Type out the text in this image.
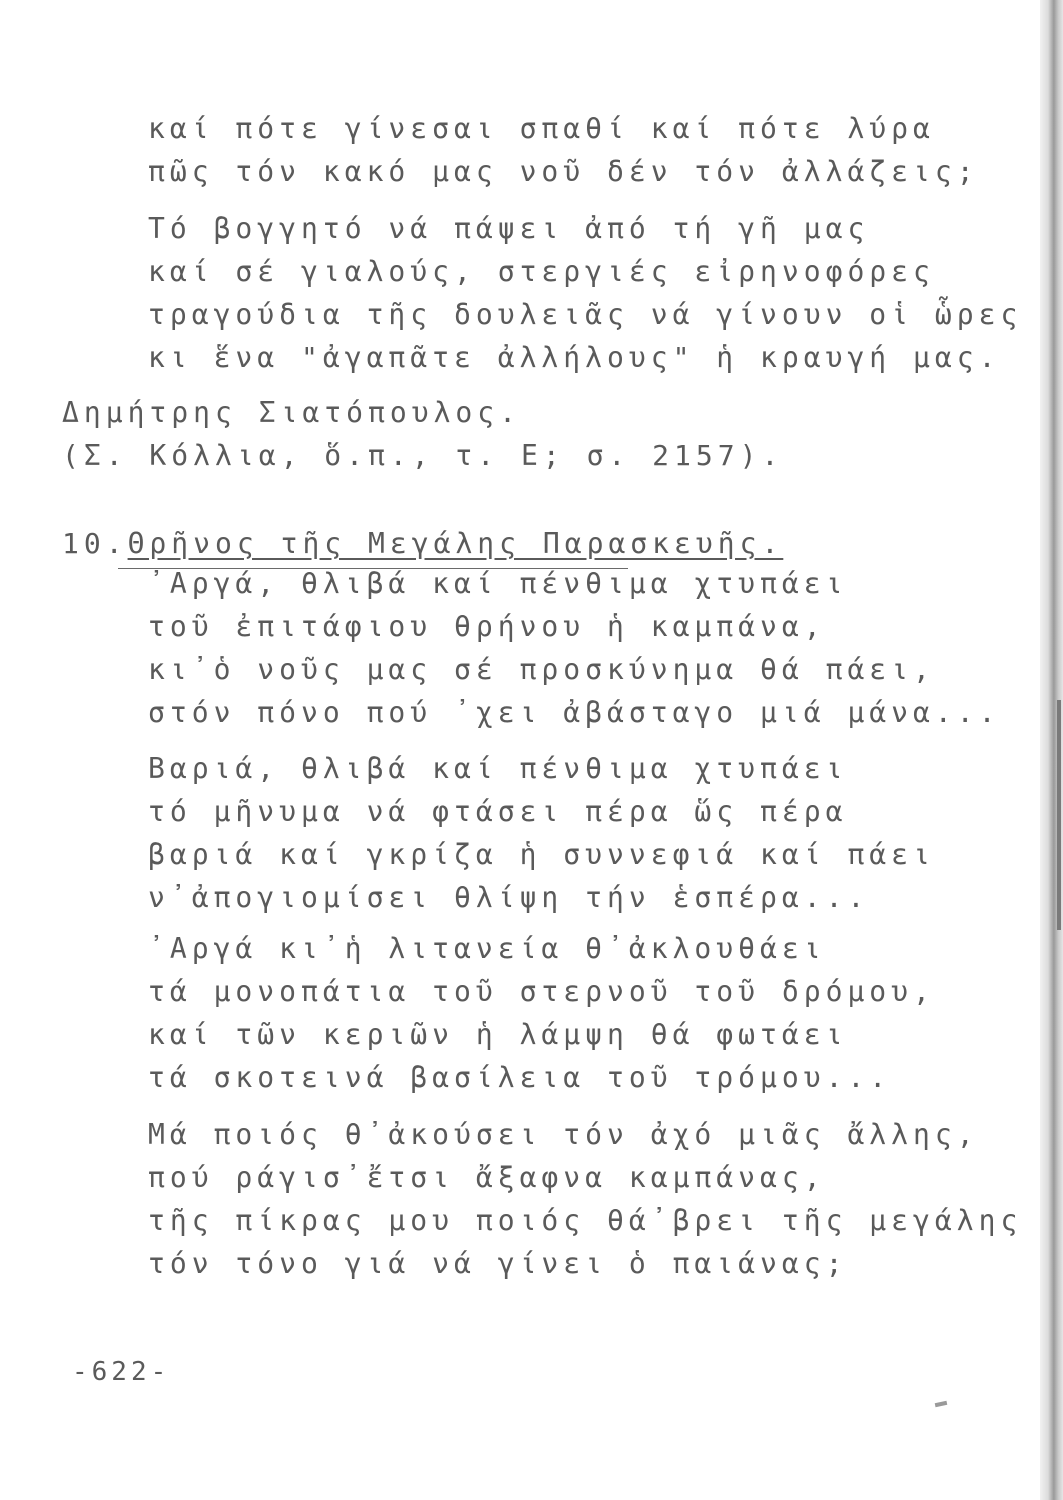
καί πότε γίνεσαι σπαθί καί πότε λύρα
πῶς τόν κακό μας νοῦ δέν τόν ἀλλάζεις;
Τό βογγητό νά πάψει ἀπό τή γῆ μας
καί σέ γιαλούς, στεργιές εἰρηνοφόρες
τραγούδια τῆς δουλειᾶς νά γίνουν οἱ ὧρες
κι ἕνα "ἀγαπᾶτε ἀλλήλους" ἡ κραυγή μας.
Δημήτρης Σιατόπουλος.
(Σ. Κόλλια, ὅ.π., τ. Ε; σ. 2157).
10.Θρῆνος τῆς Μεγάλης Παρασκευῆς.
᾽Αργά, θλιβά καί πένθιμα χτυπάει
τοῦ ἐπιτάφιου θρήνου ἡ καμπάνα,
κι᾽ὁ νοῦς μας σέ προσκύνημα θά πάει,
στόν πόνο πού ᾽χει ἀβάσταγο μιά μάνα...
Βαριά, θλιβά καί πένθιμα χτυπάει
τό μῆνυμα νά φτάσει πέρα ὥς πέρα
βαριά καί γκρίζα ἡ συννεφιά καί πάει
ν᾽ἀπογιομίσει θλίψη τήν ἑσπέρα...
᾽Αργά κι᾽ἡ λιτανεία θ᾽ἀκλουθάει
τά μονοπάτια τοῦ στερνοῦ τοῦ δρόμου,
καί τῶν κεριῶν ἡ λάμψη θά φωτάει
τά σκοτεινά βασίλεια τοῦ τρόμου...
Μά ποιός θ᾽ἀκούσει τόν ἀχό μιᾶς ἄλλης,
πού ράγισ᾽ἔτσι ἄξαφνα καμπάνας,
τῆς πίκρας μου ποιός θά᾽βρει τῆς μεγάλης
τόν τόνο γιά νά γίνει ὁ παιάνας;
-622-
